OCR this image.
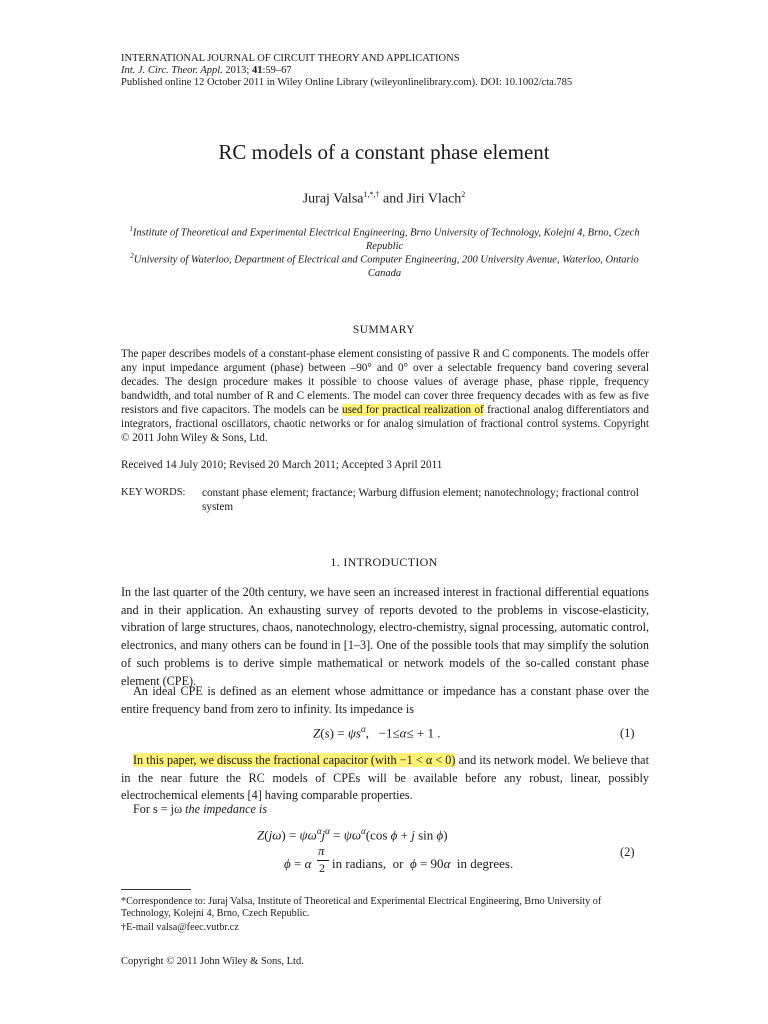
INTERNATIONAL JOURNAL OF CIRCUIT THEORY AND APPLICATIONS
Int. J. Circ. Theor. Appl. 2013; 41:59–67
Published online 12 October 2011 in Wiley Online Library (wileyonlinelibrary.com). DOI: 10.1002/cta.785
RC models of a constant phase element
Juraj Valsa$^{1,*,\dagger}$ and Jiri Vlach$^2$
$^1$Institute of Theoretical and Experimental Electrical Engineering, Brno University of Technology, Kolejní 4, Brno, Czech Republic
$^2$University of Waterloo, Department of Electrical and Computer Engineering, 200 University Avenue, Waterloo, Ontario Canada
SUMMARY
The paper describes models of a constant-phase element consisting of passive R and C components. The models offer any input impedance argument (phase) between –90° and 0° over a selectable frequency band covering several decades. The design procedure makes it possible to choose values of average phase, phase ripple, frequency bandwidth, and total number of R and C elements. The model can cover three frequency decades with as few as five resistors and five capacitors. The models can be used for practical realization of fractional analog differentiators and integrators, fractional oscillators, chaotic networks or for analog simulation of fractional control systems. Copyright © 2011 John Wiley & Sons, Ltd.
Received 14 July 2010; Revised 20 March 2011; Accepted 3 April 2011
KEY WORDS: constant phase element; fractance; Warburg diffusion element; nanotechnology; fractional control system
1. INTRODUCTION
In the last quarter of the 20th century, we have seen an increased interest in fractional differential equations and in their application. An exhausting survey of reports devoted to the problems in viscose-elasticity, vibration of large structures, chaos, nanotechnology, electro-chemistry, signal processing, automatic control, electronics, and many others can be found in [1–3]. One of the possible tools that may simplify the solution of such problems is to derive simple mathematical or network models of the so-called constant phase element (CPE).
An ideal CPE is defined as an element whose admittance or impedance has a constant phase over the entire frequency band from zero to infinity. Its impedance is
$Z(s) = \psi s^\alpha$,   −1≤α≤ + 1 .	(1)
In this paper, we discuss the fractional capacitor (with −1 < α < 0) and its network model. We believe that in the near future the RC models of CPEs will be available before any robust, linear, possibly electrochemical elements [4] having comparable properties.
For s = jω the impedance is
$Z(j\omega) = \psi\omega^\alpha j^\alpha = \psi\omega^\alpha(\cos$ ϕ + j sin ϕ)
ϕ = α
π
2 in radians,  or  ϕ = 90α  in degrees.
(2)
*Correspondence to: Juraj Valsa, Institute of Theoretical and Experimental Electrical Engineering, Brno University of Technology, Kolejní 4, Brno, Czech Republic.
†E-mail valsa@feec.vutbr.cz
Copyright © 2011 John Wiley & Sons, Ltd.
